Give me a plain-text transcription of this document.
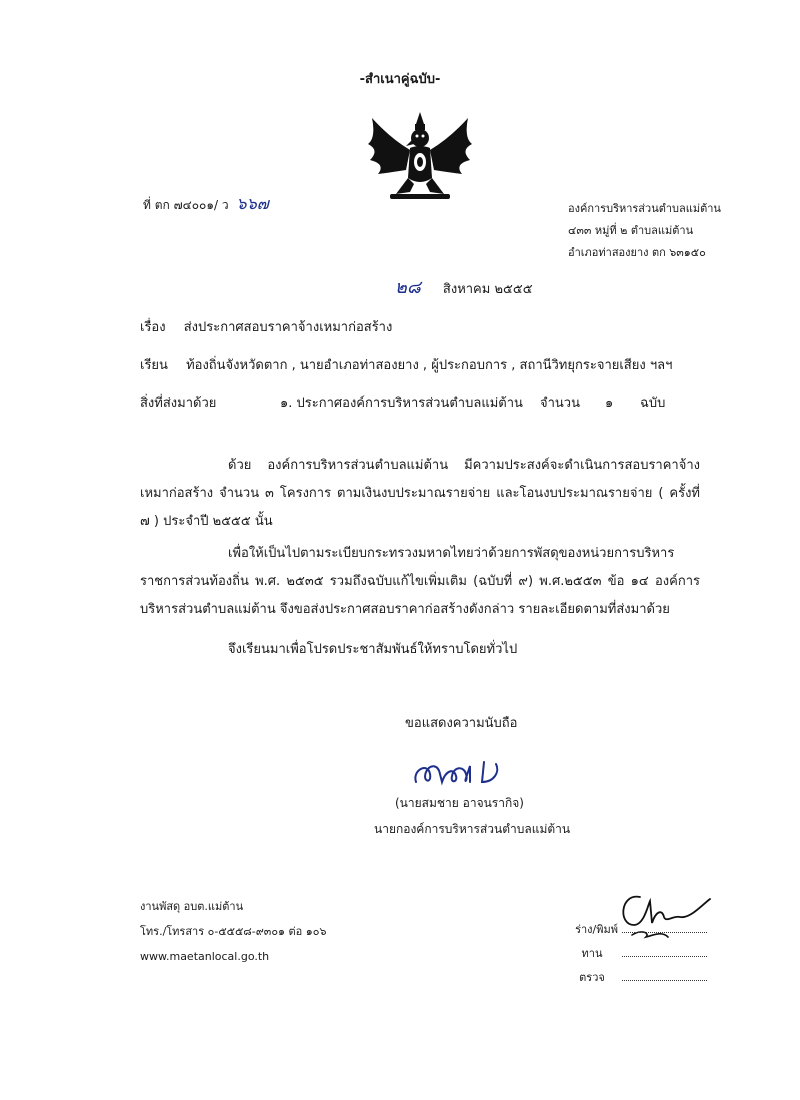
-สำเนาคู่ฉบับ-
ที่ ตก ๗๔๐๐๑/ ว ๖๖๗	องค์การบริหารส่วนตำบลแม่ต้าน
๔๓๓ หมู่ที่ ๒ ตำบลแม่ต้าน
อำเภอท่าสองยาง ตก ๖๓๑๕๐
๒๘ สิงหาคม ๒๕๕๕
เรื่อง ส่งประกาศสอบราคาจ้างเหมาก่อสร้าง
เรียน ท้องถิ่นจังหวัดตาก , นายอำเภอท่าสองยาง , ผู้ประกอบการ , สถานีวิทยุกระจายเสียง ฯลฯ
สิ่งที่ส่งมาด้วย	๑. ประกาศองค์การบริหารส่วนตำบลแม่ต้าน จำนวน ๑ ฉบับ
ด้วย องค์การบริหารส่วนตำบลแม่ต้าน มีความประสงค์จะดำเนินการสอบราคาจ้างเหมาก่อสร้าง จำนวน ๓ โครงการ ตามเงินงบประมาณรายจ่าย และโอนงบประมาณรายจ่าย ( ครั้งที่ ๗ ) ประจำปี ๒๕๕๕ นั้น
เพื่อให้เป็นไปตามระเบียบกระทรวงมหาดไทยว่าด้วยการพัสดุของหน่วยการบริหารราชการส่วนท้องถิ่น พ.ศ. ๒๕๓๕ รวมถึงฉบับแก้ไขเพิ่มเติม (ฉบับที่ ๙) พ.ศ.๒๕๕๓ ข้อ ๑๔ องค์การบริหารส่วนตำบลแม่ต้าน จึงขอส่งประกาศสอบราคาก่อสร้างดังกล่าว รายละเอียดตามที่ส่งมาด้วย
จึงเรียนมาเพื่อโปรดประชาสัมพันธ์ให้ทราบโดยทั่วไป
ขอแสดงความนับถือ
(นายสมชาย อาจนรากิจ)
นายกองค์การบริหารส่วนตำบลแม่ต้าน
งานพัสดุ อบต.แม่ต้าน
โทร./โทรสาร ๐-๕๕๕๘-๙๓๐๑ ต่อ ๑๐๖
www.maetanlocal.go.th
ร่าง/พิมพ์
ทาน
ตรวจ
